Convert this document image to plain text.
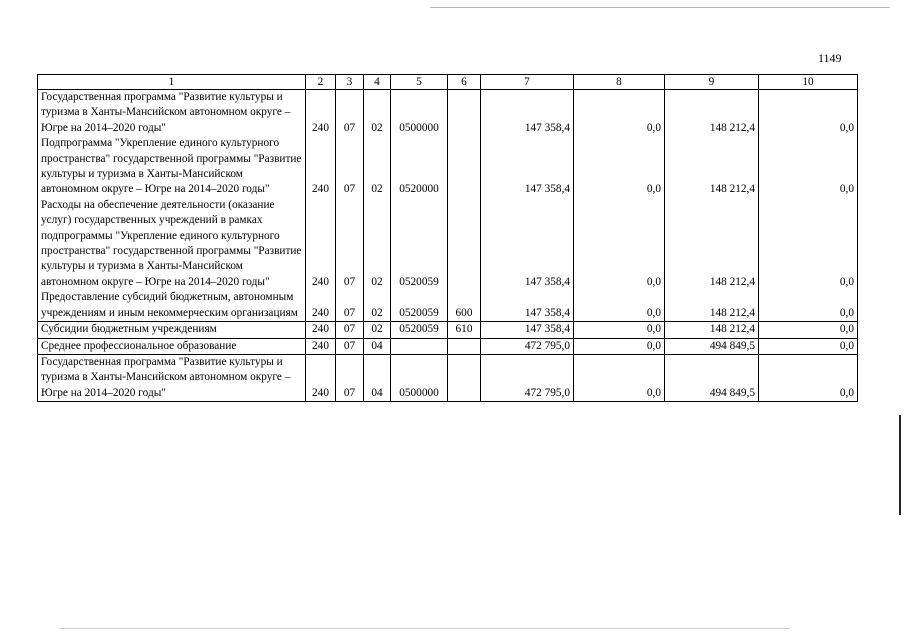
1149
1	2	3	4	5	6	7	8	9	10
Государственная программа "Развитие культуры и туризма в Ханты-Мансийском автономном округе – Югре на 2014–2020 годы"	240	07	02	0500000		147 358,4	0,0	148 212,4	0,0
Подпрограмма "Укрепление единого культурного пространства" государственной программы "Развитие культуры и туризма в Ханты-Мансийском автономном округе – Югре на 2014–2020 годы"	240	07	02	0520000		147 358,4	0,0	148 212,4	0,0
Расходы на обеспечение деятельности (оказание услуг) государственных учреждений в рамках подпрограммы "Укрепление единого культурного пространства" государственной программы "Развитие культуры и туризма в Ханты-Мансийском автономном округе – Югре на 2014–2020 годы"	240	07	02	0520059		147 358,4	0,0	148 212,4	0,0
Предоставление субсидий бюджетным, автономным учреждениям и иным некоммерческим организациям	240	07	02	0520059	600	147 358,4	0,0	148 212,4	0,0
Субсидии бюджетным учреждениям	240	07	02	0520059	610	147 358,4	0,0	148 212,4	0,0
Среднее профессиональное образование	240	07	04			472 795,0	0,0	494 849,5	0,0
Государственная программа "Развитие культуры и туризма в Ханты-Мансийском автономном округе – Югре на 2014–2020 годы"	240	07	04	0500000		472 795,0	0,0	494 849,5	0,0
